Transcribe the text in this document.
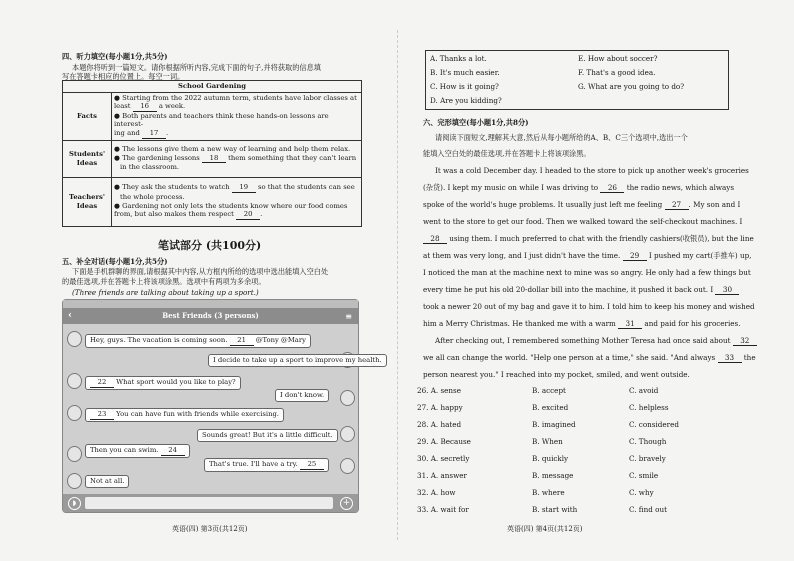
四、听力填空(每小题1分,共5分)
本题你将听到一篇短文。请你根据所听内容,完成下面的句子,并将获取的信息填
写在答题卡相应的位置上。每空一词。
School Gardening	
Facts	● Starting from the 2022 autumn term, students have labor classes at
least 16 a week.
● Both parents and teachers think these hands-on lessons are interest-
ing and 17 .

Students' Ideas	● The lessons give them a new way of learning and help them relax.
● The gardening lessons 18 them something that they can't learn
in the classroom.

Teachers' Ideas	● They ask the students to watch 19 so that the students can see
the whole process.
● Gardening not only lets the students know where our food comes
from, but also makes them respect 20 .
笔试部分 (共100分)
五、补全对话(每小题1分,共5分)
下面是手机群聊的界面,请根据其中内容,从方框内所给的选项中选出能填入空白处
的最佳选项,并在答题卡上将该项涂黑。选项中有两项为多余项。
(Three friends are talking about taking up a sport.)
‹	Best Friends (3 persons)	≡
Hey, guys. The vacation is coming soon. 21 @Tony @Mary
I decide to take up a sport to improve my health.
22 What sport would you like to play?
I don't know.
23 You can have fun with friends while exercising.
Sounds great! But it's a little difficult.
Then you can swim. 24
That's true. I'll have a try. 25
Not at all.
◗	+
英语(四) 第3页(共12页)
A. Thanks a lot.
B. It's much easier.
C. How is it going?
D. Are you kidding?
E. How about soccer?
F. That's a good idea.
G. What are you going to do?
六、完形填空(每小题1分,共8分)
请阅读下面短文,理解其大意,然后从每小题所给的A、B、C三个选项中,选出一个
能填入空白处的最佳选项,并在答题卡上将该项涂黑。
It was a cold December day. I headed to the store to pick up another week's groceries
(杂货). I kept my music on while I was driving to 26 the radio news, which always
spoke of the world's huge problems. It usually just left me feeling 27 . My son and I
went to the store to get our food. Then we walked toward the self-checkout machines. I
28 using them. I much preferred to chat with the friendly cashiers(收银员), but the line
at them was very long, and I just didn't have the time. 29 I pushed my cart(手推车) up,
I noticed the man at the machine next to mine was so angry. He only had a few things but
every time he put his old 20-dollar bill into the machine, it pushed it back out. I 30
took a newer 20 out of my bag and gave it to him. I told him to keep his money and wished
him a Merry Christmas. He thanked me with a warm 31 and paid for his groceries.
After checking out, I remembered something Mother Teresa had once said about 32
we all can change the world. "Help one person at a time," she said. "And always 33 the
person nearest you." I reached into my pocket, smiled, and went outside.
26. A. sense	B. accept	C. avoid
27. A. happy	B. excited	C. helpless
28. A. hated	B. imagined	C. considered
29. A. Because	B. When	C. Though
30. A. secretly	B. quickly	C. bravely
31. A. answer	B. message	C. smile
32. A. how	B. where	C. why
33. A. wait for	B. start with	C. find out
英语(四) 第4页(共12页)
